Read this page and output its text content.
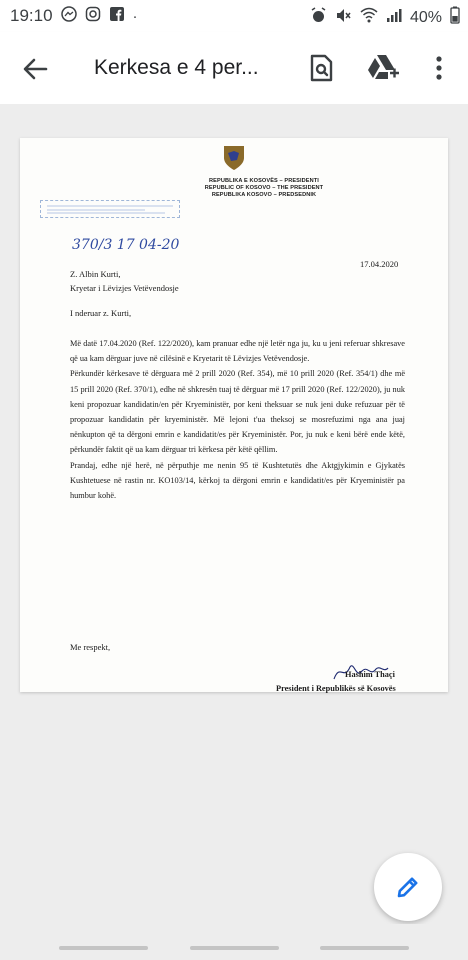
19:10	·	40%
Kerkesa e 4 per...
REPUBLIKA E KOSOVËS – PRESIDENTI
REPUBLIC OF KOSOVO – THE PRESIDENT
REPUBLIKA KOSOVO – PREDSEDNIK
370/3 17 04-20
17.04.2020
Z. Albin Kurti,
Kryetar i Lëvizjes Vetëvendosje
I nderuar z. Kurti,

Më datë 17.04.2020 (Ref. 122/2020), kam pranuar edhe një letër nga ju, ku u jeni referuar shkresave që ua kam dërguar juve në cilësinë e Kryetarit të Lëvizjes Vetëvendosje.

Përkundër kërkesave të dërguara më 2 prill 2020 (Ref. 354), më 10 prill 2020 (Ref. 354/1) dhe më 15 prill 2020 (Ref. 370/1), edhe në shkresën tuaj të dërguar më 17 prill 2020 (Ref. 122/2020), ju nuk keni propozuar kandidatin/en për Kryeministër, por keni theksuar se nuk jeni duke refuzuar për të propozuar kandidatin për kryeministër. Më lejoni t'ua theksoj se mosrefuzimi nga ana juaj nënkupton që ta dërgoni emrin e kandidatit/es për Kryeministër. Por, ju nuk e keni bërë ende këtë, përkundër faktit që ua kam dërguar tri kërkesa për këtë qëllim.

Prandaj, edhe një herë, në përputhje me nenin 95 të Kushtetutës dhe Aktgjykimin e Gjykatës Kushtetuese në rastin nr. KO103/14, kërkoj ta dërgoni emrin e kandidatit/es për Kryeministër pa humbur kohë.

Me respekt,
Hashim Thaçi
President i Republikës së Kosovës
